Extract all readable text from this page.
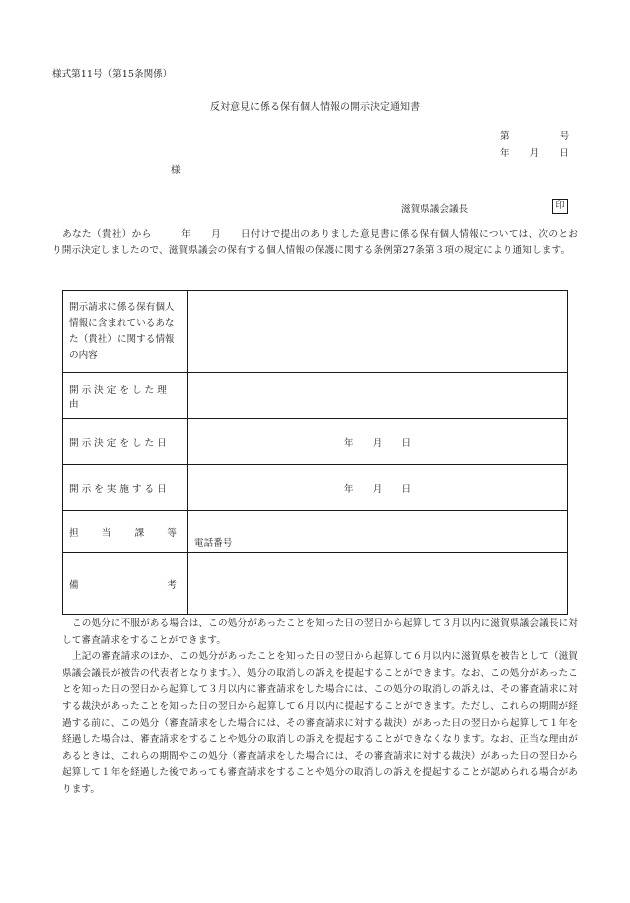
様式第11号（第15条関係）
反対意見に係る保有個人情報の開示決定通知書
第	号
年 月 日
様
滋賀県議会議長	印
あなた（貴社）から　　　年　　月　　日付けで提出のありました意見書に係る保有個人情報については、次のとおり開示決定しましたので、滋賀県議会の保有する個人情報の保護に関する条例第27条第３項の規定により通知します。
開示請求に係る保有個人情報に含まれているあなた（貴社）に関する情報の内容	
開示決定をした理由	
開示決定をした日	年　　月　　日
開示を実施する日	年　　月　　日

担 当 課 等	電話番号

備 考	

この処分に不服がある場合は、この処分があったことを知った日の翌日から起算して３月以内に滋賀県議会議長に対して審査請求をすることができます。

上記の審査請求のほか、この処分があったことを知った日の翌日から起算して６月以内に滋賀県を被告として（滋賀県議会議長が被告の代表者となります。）、処分の取消しの訴えを提起することができます。なお、この処分があったことを知った日の翌日から起算して３月以内に審査請求をした場合には、この処分の取消しの訴えは、その審査請求に対する裁決があったことを知った日の翌日から起算して６月以内に提起することができます。ただし、これらの期間が経過する前に、この処分（審査請求をした場合には、その審査請求に対する裁決）があった日の翌日から起算して１年を経過した場合は、審査請求をすることや処分の取消しの訴えを提起することができなくなります。なお、正当な理由があるときは、これらの期間やこの処分（審査請求をした場合には、その審査請求に対する裁決）があった日の翌日から起算して１年を経過した後であっても審査請求をすることや処分の取消しの訴えを提起することが認められる場合があります。
